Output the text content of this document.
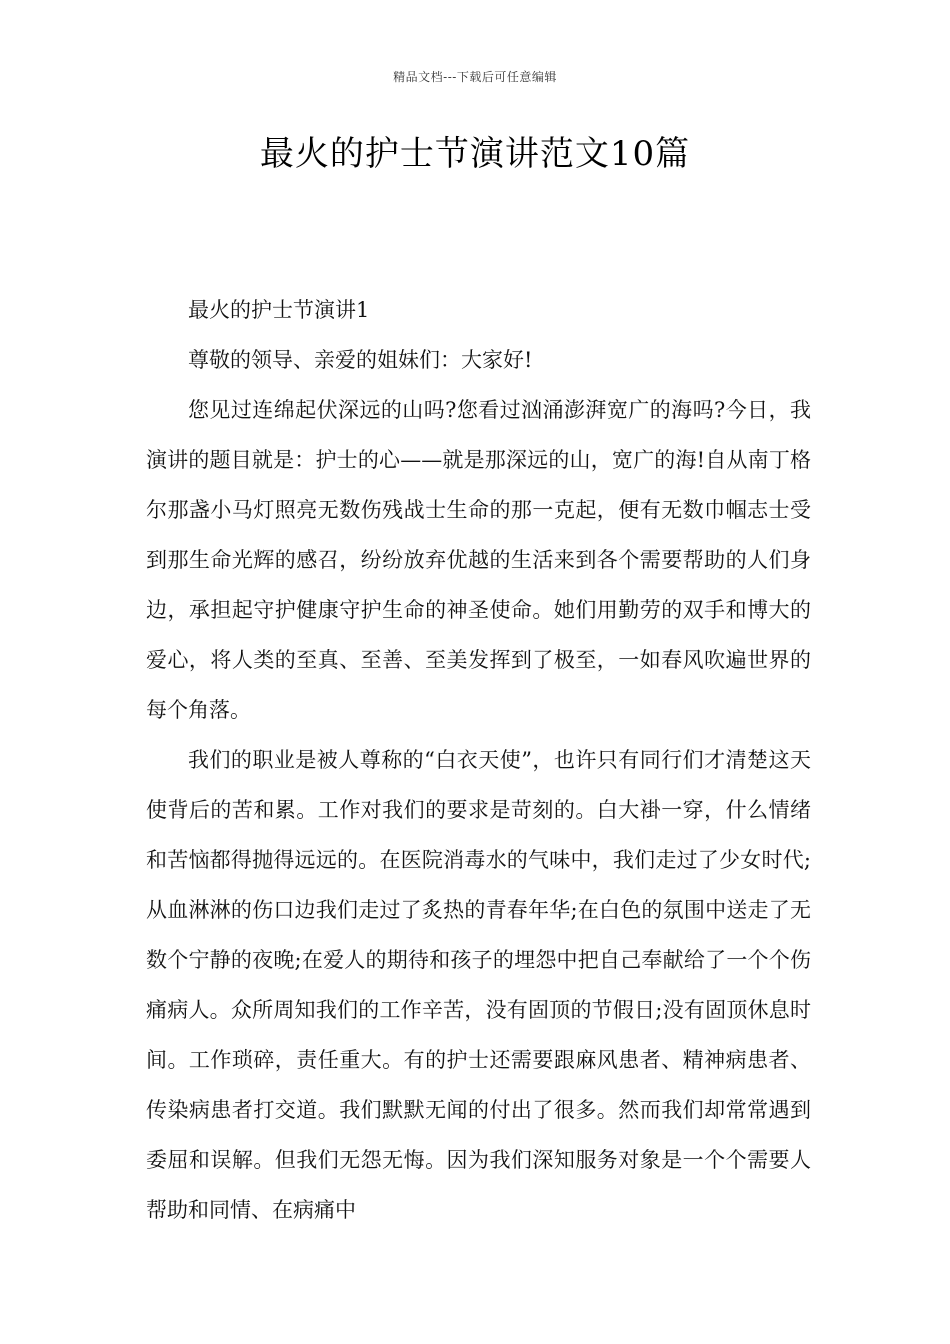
精品文档---下载后可任意编辑
最火的护士节演讲范文10篇

最火的护士节演讲1

尊敬的领导、亲爱的姐妹们：大家好!

您见过连绵起伏深远的山吗?您看过汹涌澎湃宽广的海吗?今日，我演讲的题目就是：护士的心——就是那深远的山，宽广的海!自从南丁格尔那盏小马灯照亮无数伤残战士生命的那一克起，便有无数巾帼志士受到那生命光辉的感召，纷纷放弃优越的生活来到各个需要帮助的人们身边，承担起守护健康守护生命的神圣使命。她们用勤劳的双手和博大的爱心，将人类的至真、至善、至美发挥到了极至，一如春风吹遍世界的每个角落。

我们的职业是被人尊称的“白衣天使”，也许只有同行们才清楚这天使背后的苦和累。工作对我们的要求是苛刻的。白大褂一穿，什么情绪和苦恼都得抛得远远的。在医院消毒水的气味中，我们走过了少女时代;从血淋淋的伤口边我们走过了炙热的青春年华;在白色的氛围中送走了无数个宁静的夜晚;在爱人的期待和孩子的埋怨中把自己奉献给了一个个伤痛病人。众所周知我们的工作辛苦，没有固顶的节假日;没有固顶休息时间。工作琐碎，责任重大。有的护士还需要跟麻风患者、精神病患者、传染病患者打交道。我们默默无闻的付出了很多。然而我们却常常遇到委屈和误解。但我们无怨无悔。因为我们深知服务对象是一个个需要人帮助和同情、在病痛中
